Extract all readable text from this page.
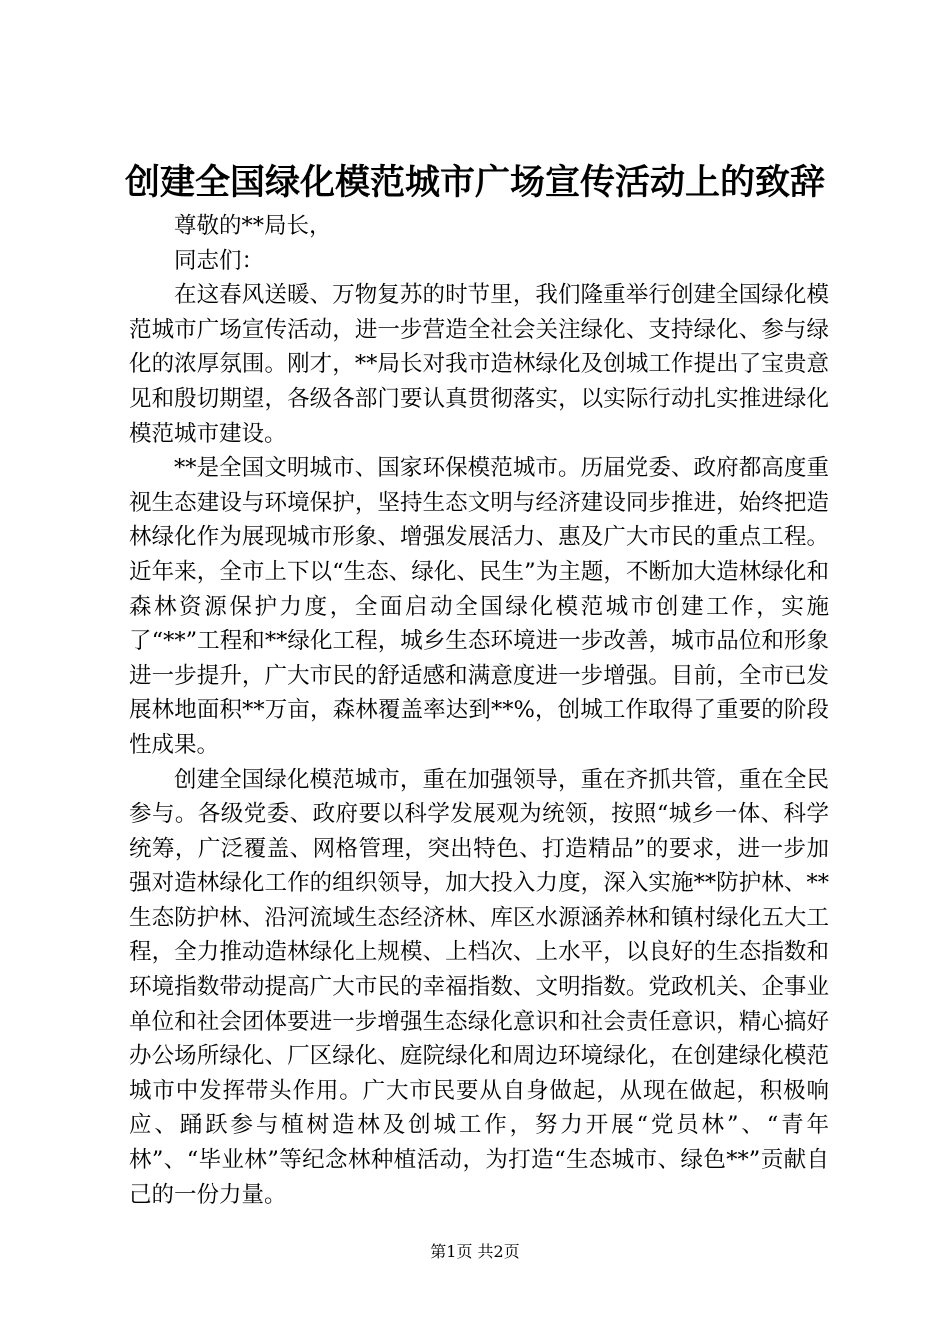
创建全国绿化模范城市广场宣传活动上的致辞

尊敬的**局长，

同志们：

在这春风送暖、万物复苏的时节里，我们隆重举行创建全国绿化模范城市广场宣传活动，进一步营造全社会关注绿化、支持绿化、参与绿化的浓厚氛围。刚才，**局长对我市造林绿化及创城工作提出了宝贵意见和殷切期望，各级各部门要认真贯彻落实，以实际行动扎实推进绿化模范城市建设。

**是全国文明城市、国家环保模范城市。历届党委、政府都高度重视生态建设与环境保护，坚持生态文明与经济建设同步推进，始终把造林绿化作为展现城市形象、增强发展活力、惠及广大市民的重点工程。近年来，全市上下以“生态、绿化、民生”为主题，不断加大造林绿化和森林资源保护力度，全面启动全国绿化模范城市创建工作，实施了“**”工程和**绿化工程，城乡生态环境进一步改善，城市品位和形象进一步提升，广大市民的舒适感和满意度进一步增强。目前，全市已发展林地面积**万亩，森林覆盖率达到**%，创城工作取得了重要的阶段性成果。

创建全国绿化模范城市，重在加强领导，重在齐抓共管，重在全民参与。各级党委、政府要以科学发展观为统领，按照“城乡一体、科学统筹，广泛覆盖、网格管理，突出特色、打造精品”的要求，进一步加强对造林绿化工作的组织领导，加大投入力度，深入实施**防护林、**生态防护林、沿河流域生态经济林、库区水源涵养林和镇村绿化五大工程，全力推动造林绿化上规模、上档次、上水平，以良好的生态指数和环境指数带动提高广大市民的幸福指数、文明指数。党政机关、企事业单位和社会团体要进一步增强生态绿化意识和社会责任意识，精心搞好办公场所绿化、厂区绿化、庭院绿化和周边环境绿化，在创建绿化模范城市中发挥带头作用。广大市民要从自身做起，从现在做起，积极响应、踊跃参与植树造林及创城工作，努力开展“党员林”、“青年林”、“毕业林”等纪念林种植活动，为打造“生态城市、绿色**”贡献自己的一份力量。

第1页 共2页
